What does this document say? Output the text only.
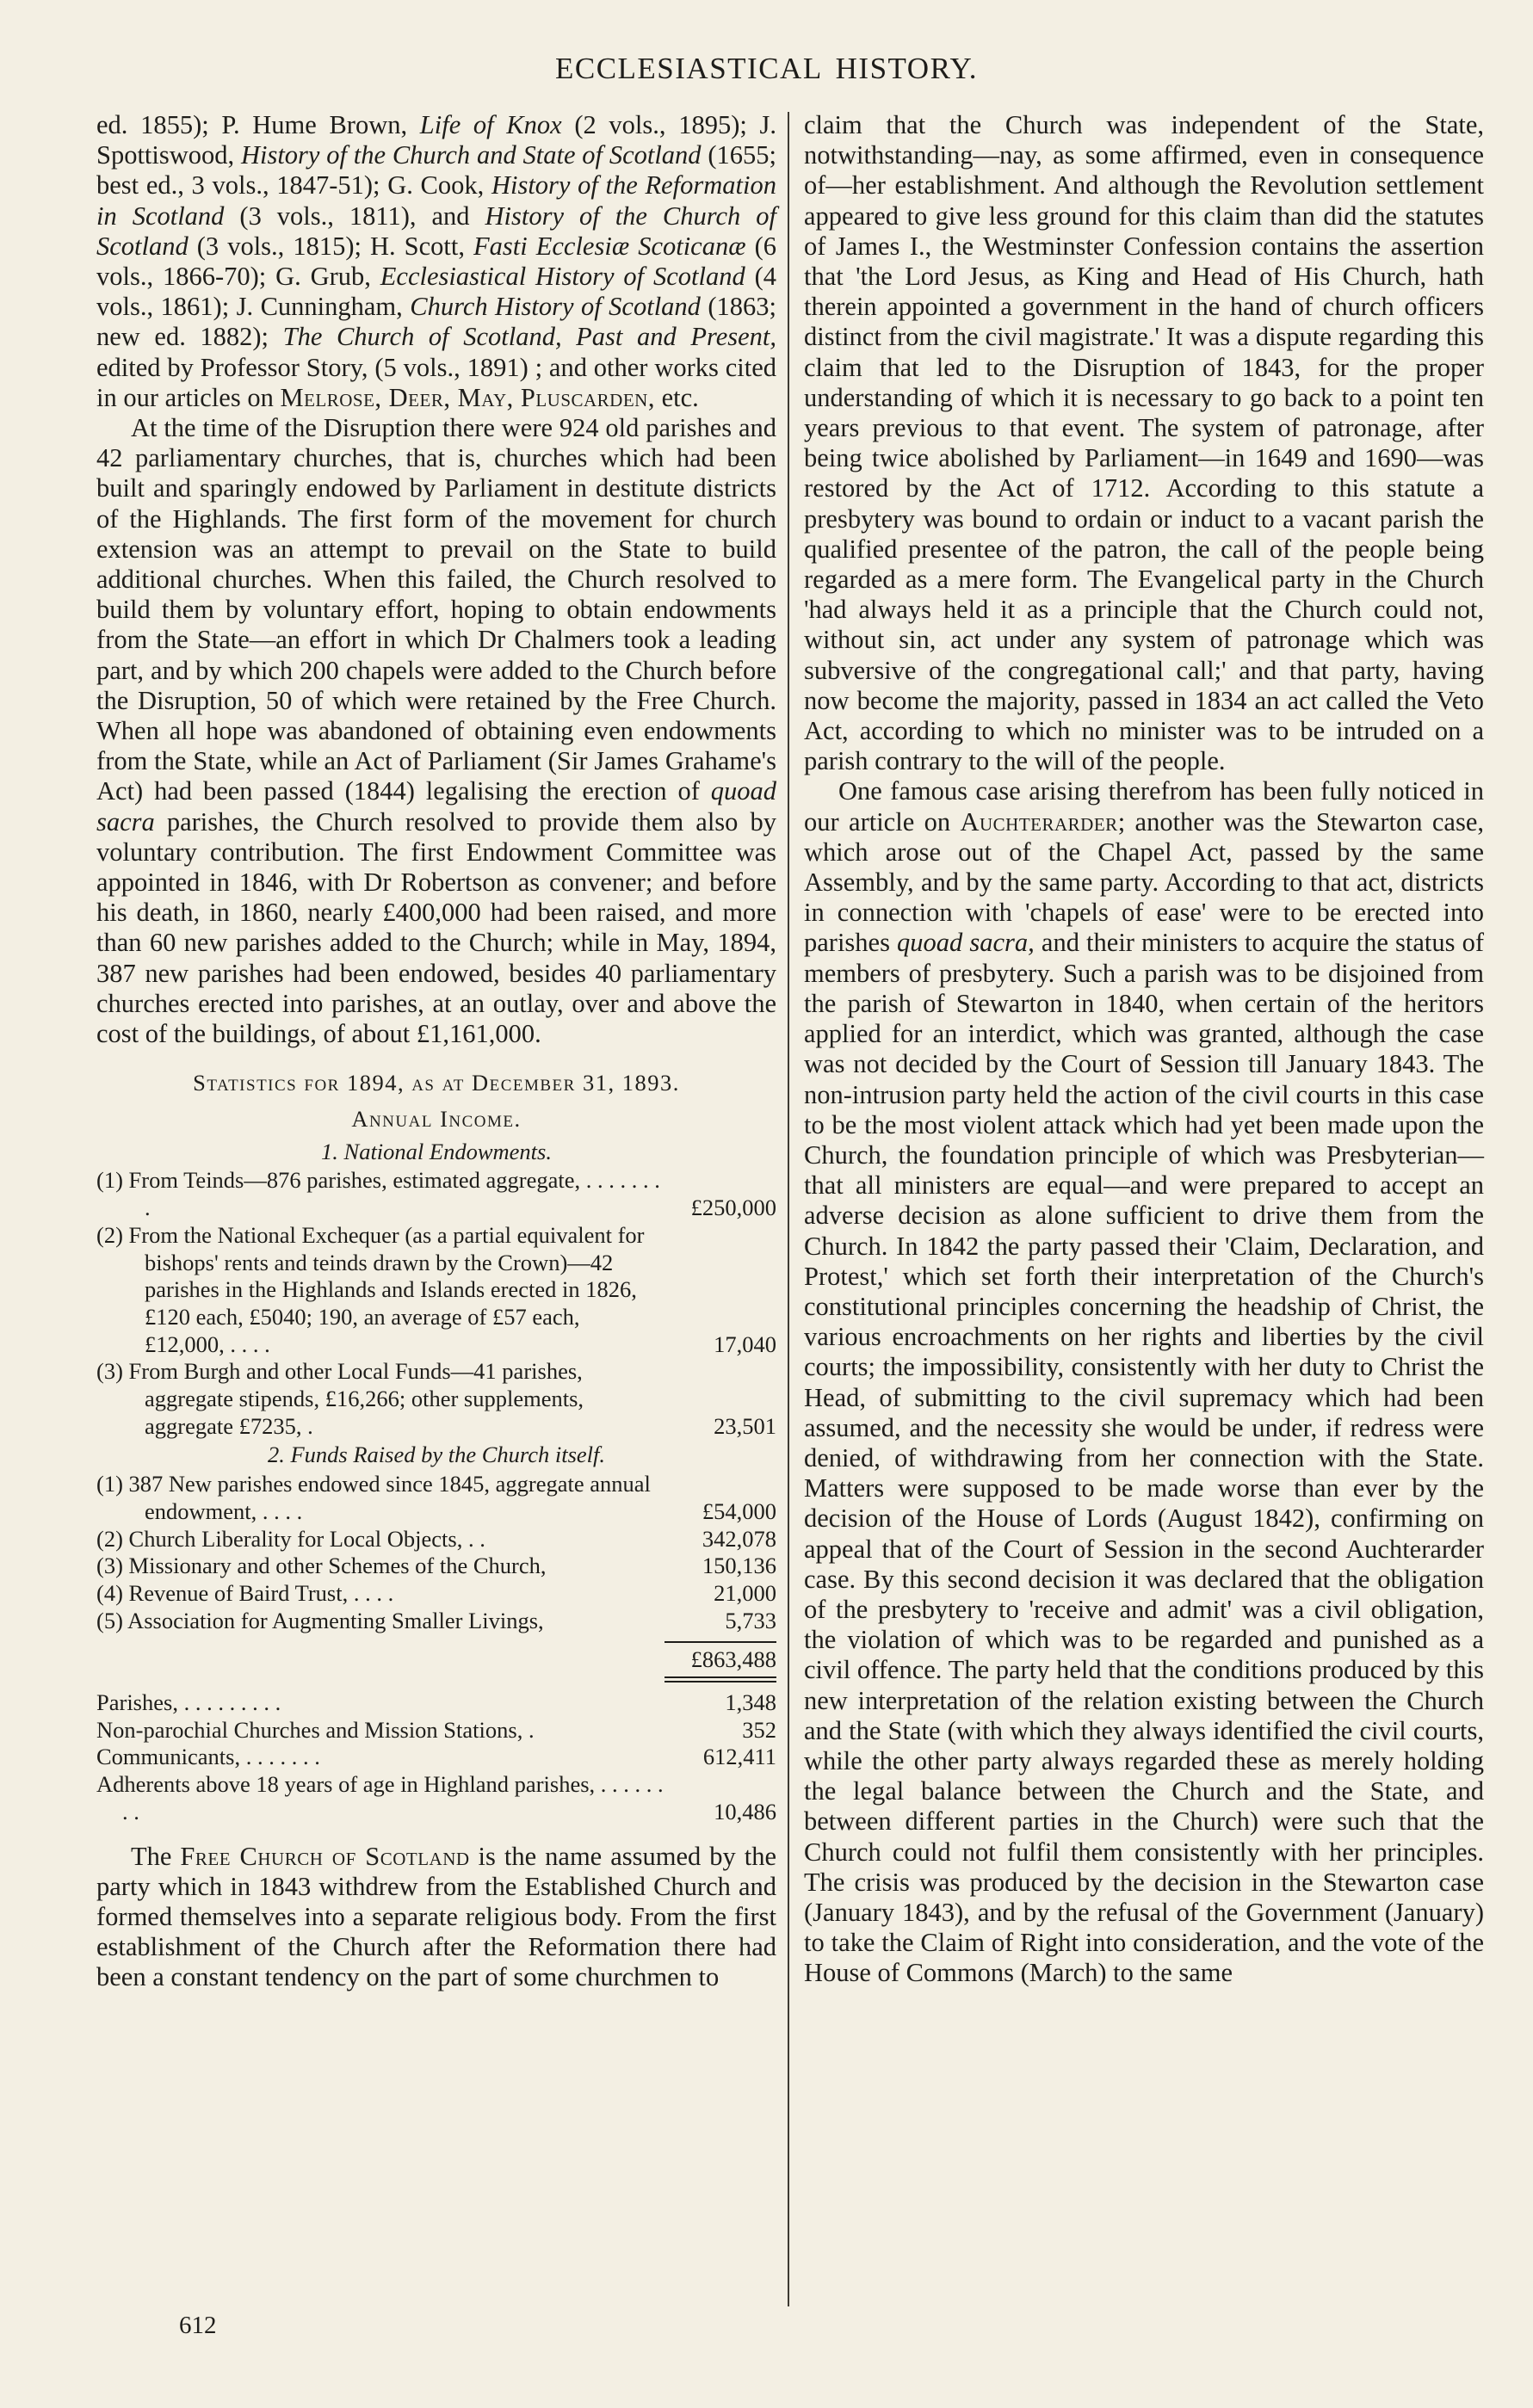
ECCLESIASTICAL HISTORY.

ed. 1855); P. Hume Brown, Life of Knox (2 vols., 1895); J. Spottiswood, History of the Church and State of Scotland (1655; best ed., 3 vols., 1847-51); G. Cook, History of the Reformation in Scotland (3 vols., 1811), and History of the Church of Scotland (3 vols., 1815); H. Scott, Fasti Ecclesiæ Scoticanæ (6 vols., 1866-70); G. Grub, Ecclesiastical History of Scotland (4 vols., 1861); J. Cunningham, Church History of Scotland (1863; new ed. 1882); The Church of Scotland, Past and Present, edited by Professor Story, (5 vols., 1891) ; and other works cited in our articles on Melrose, Deer, May, Pluscarden, etc.

At the time of the Disruption there were 924 old parishes and 42 parliamentary churches, that is, churches which had been built and sparingly endowed by Parliament in destitute districts of the Highlands. The first form of the movement for church extension was an attempt to prevail on the State to build additional churches. When this failed, the Church resolved to build them by voluntary effort, hoping to obtain endowments from the State—an effort in which Dr Chalmers took a leading part, and by which 200 chapels were added to the Church before the Disruption, 50 of which were retained by the Free Church. When all hope was abandoned of obtaining even endowments from the State, while an Act of Parliament (Sir James Grahame's Act) had been passed (1844) legalising the erection of quoad sacra parishes, the Church resolved to provide them also by voluntary contribution. The first Endowment Committee was appointed in 1846, with Dr Robertson as convener; and before his death, in 1860, nearly £400,000 had been raised, and more than 60 new parishes added to the Church; while in May, 1894, 387 new parishes had been endowed, besides 40 parliamentary churches erected into parishes, at an outlay, over and above the cost of the buildings, of about £1,161,000.

Statistics for 1894, as at December 31, 1893.
Annual Income.
1. National Endowments.
(1) From Teinds—876 parishes, estimated aggregate, . . . . . . . .	£250,000
(2) From the National Exchequer (as a partial equivalent for bishops' rents and teinds drawn by the Crown)—42 parishes in the Highlands and Islands erected in 1826, £120 each, £5040; 190, an average of £57 each, £12,000, . . . .	17,040
(3) From Burgh and other Local Funds—41 parishes, aggregate stipends, £16,266; other supplements, aggregate £7235, .	23,501
2. Funds Raised by the Church itself.
(1) 387 New parishes endowed since 1845, aggregate annual endowment, . . . .	£54,000
(2) Church Liberality for Local Objects, . .	342,078
(3) Missionary and other Schemes of the Church,	150,136
(4) Revenue of Baird Trust, . . . .	21,000
(5) Association for Augmenting Smaller Livings,	5,733
£863,488
Parishes, . . . . . . . . .	1,348
Non-parochial Churches and Mission Stations, .	352
Communicants, . . . . . . .	612,411
Adherents above 18 years of age in Highland parishes, . . . . . . . .	10,486

The Free Church of Scotland is the name assumed by the party which in 1843 withdrew from the Established Church and formed themselves into a separate religious body. From the first establishment of the Church after the Reformation there had been a constant tendency on the part of some churchmen to

claim that the Church was independent of the State, notwithstanding—nay, as some affirmed, even in consequence of—her establishment. And although the Revolution settlement appeared to give less ground for this claim than did the statutes of James I., the Westminster Confession contains the assertion that 'the Lord Jesus, as King and Head of His Church, hath therein appointed a government in the hand of church officers distinct from the civil magistrate.' It was a dispute regarding this claim that led to the Disruption of 1843, for the proper understanding of which it is necessary to go back to a point ten years previous to that event. The system of patronage, after being twice abolished by Parliament—in 1649 and 1690—was restored by the Act of 1712. According to this statute a presbytery was bound to ordain or induct to a vacant parish the qualified presentee of the patron, the call of the people being regarded as a mere form. The Evangelical party in the Church 'had always held it as a principle that the Church could not, without sin, act under any system of patronage which was subversive of the congregational call;' and that party, having now become the majority, passed in 1834 an act called the Veto Act, according to which no minister was to be intruded on a parish contrary to the will of the people.

One famous case arising therefrom has been fully noticed in our article on Auchterarder; another was the Stewarton case, which arose out of the Chapel Act, passed by the same Assembly, and by the same party. According to that act, districts in connection with 'chapels of ease' were to be erected into parishes quoad sacra, and their ministers to acquire the status of members of presbytery. Such a parish was to be disjoined from the parish of Stewarton in 1840, when certain of the heritors applied for an interdict, which was granted, although the case was not decided by the Court of Session till January 1843. The non-intrusion party held the action of the civil courts in this case to be the most violent attack which had yet been made upon the Church, the foundation principle of which was Presbyterian—that all ministers are equal—and were prepared to accept an adverse decision as alone sufficient to drive them from the Church. In 1842 the party passed their 'Claim, Declaration, and Protest,' which set forth their interpretation of the Church's constitutional principles concerning the headship of Christ, the various encroachments on her rights and liberties by the civil courts; the impossibility, consistently with her duty to Christ the Head, of submitting to the civil supremacy which had been assumed, and the necessity she would be under, if redress were denied, of withdrawing from her connection with the State. Matters were supposed to be made worse than ever by the decision of the House of Lords (August 1842), confirming on appeal that of the Court of Session in the second Auchterarder case. By this second decision it was declared that the obligation of the presbytery to 'receive and admit' was a civil obligation, the violation of which was to be regarded and punished as a civil offence. The party held that the conditions produced by this new interpretation of the relation existing between the Church and the State (with which they always identified the civil courts, while the other party always regarded these as merely holding the legal balance between the Church and the State, and between different parties in the Church) were such that the Church could not fulfil them consistently with her principles. The crisis was produced by the decision in the Stewarton case (January 1843), and by the refusal of the Government (January) to take the Claim of Right into consideration, and the vote of the House of Commons (March) to the same

612
